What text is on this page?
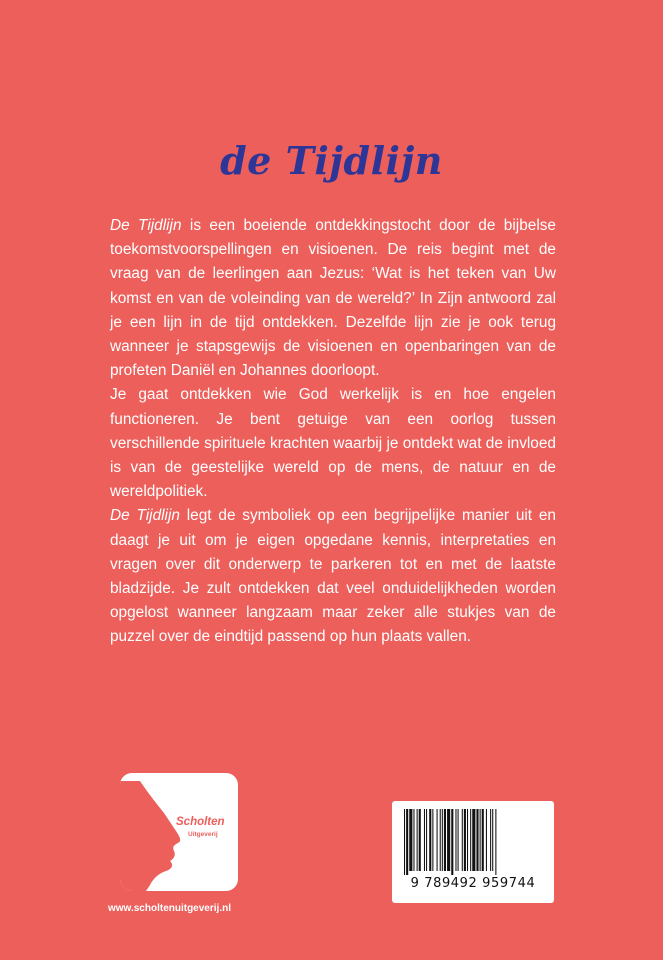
de Tijdlijn

De Tijdlijn is een boeiende ontdekkingstocht door de bijbelse toekomstvoorspellingen en visioenen. De reis begint met de vraag van de leerlingen aan Jezus: ‘Wat is het teken van Uw komst en van de voleinding van de wereld?’ In Zijn antwoord zal je een lijn in de tijd ontdekken. Dezelfde lijn zie je ook terug wanneer je stapsgewijs de visioenen en openbaringen van de profeten Daniël en Johannes doorloopt.

Je gaat ontdekken wie God werkelijk is en hoe engelen functioneren. Je bent getuige van een oorlog tussen verschillende spirituele krachten waarbij je ontdekt wat de invloed is van de geestelijke wereld op de mens, de natuur en de wereldpolitiek.

De Tijdlijn legt de symboliek op een begrijpelijke manier uit en daagt je uit om je eigen opgedane kennis, interpretaties en vragen over dit onderwerp te parkeren tot en met de laatste bladzijde. Je zult ontdekken dat veel onduidelijkheden worden opgelost wanneer langzaam maar zeker alle stukjes van de puzzel over de eindtijd passend op hun plaats vallen.

Scholten
Uitgeverij
www.scholtenuitgeverij.nl
9 789492 959744
